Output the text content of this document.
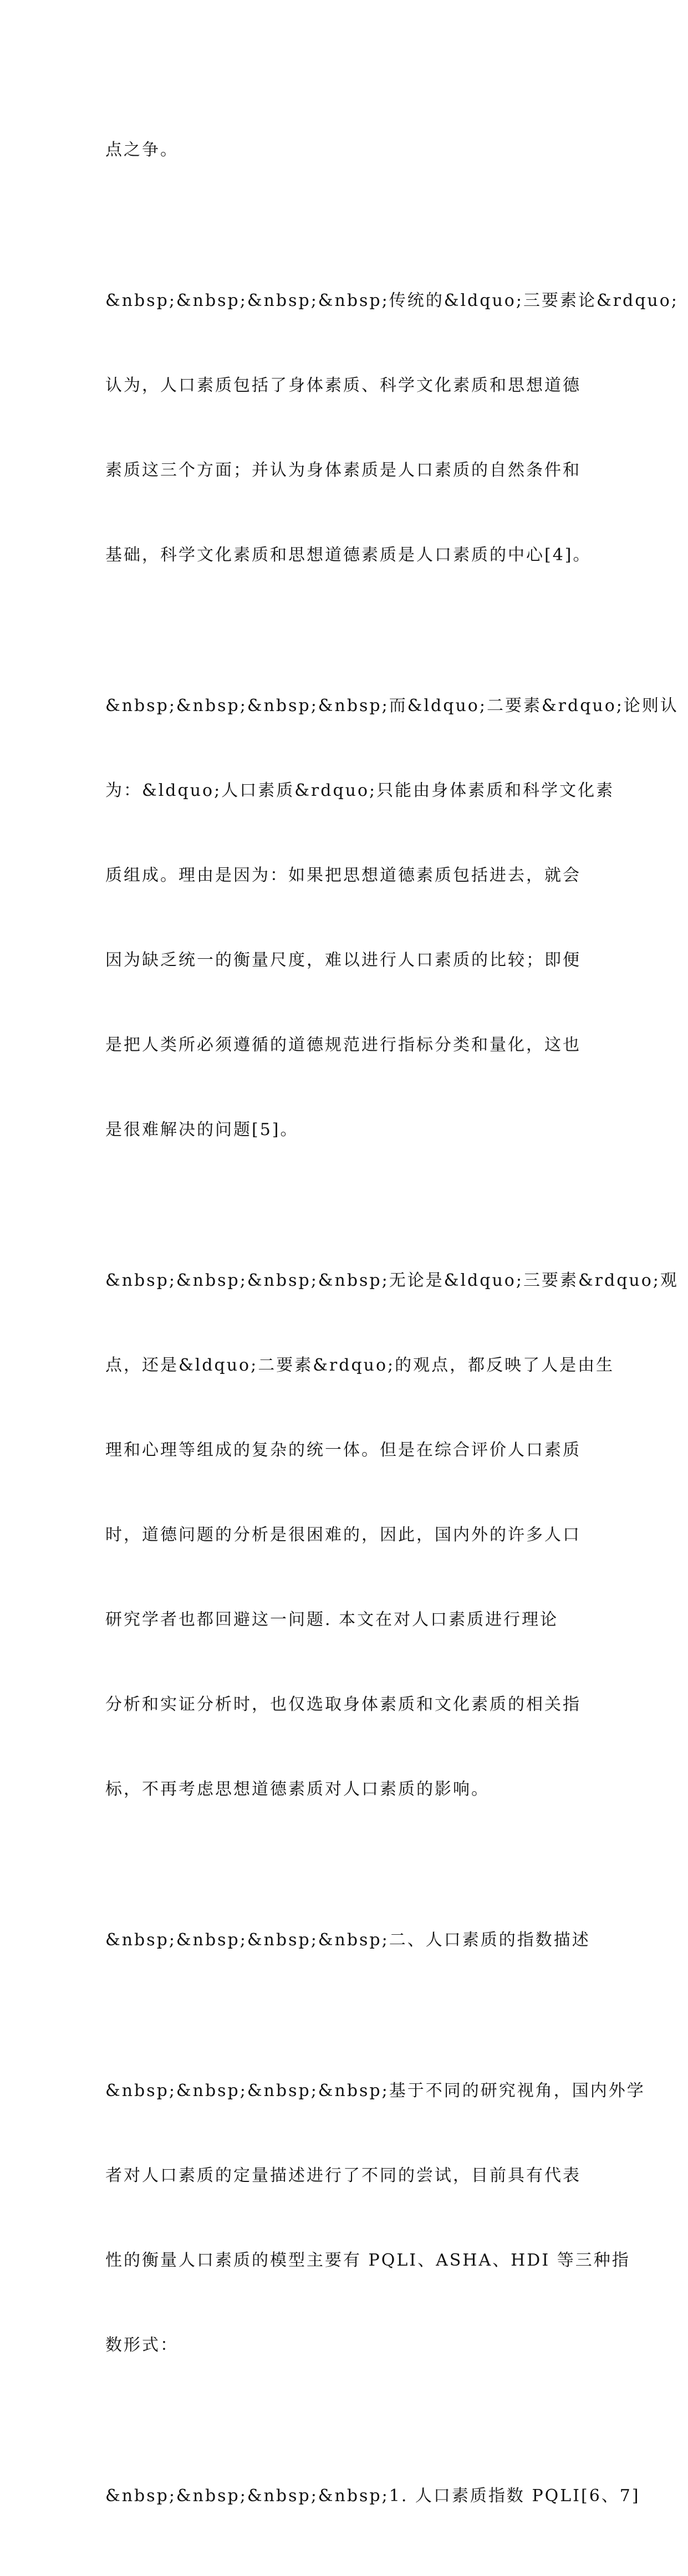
点之争。

&nbsp;&nbsp;&nbsp;&nbsp;传统的&ldquo;三要素论&rdquo;

认为，人口素质包括了身体素质、科学文化素质和思想道德

素质这三个方面；并认为身体素质是人口素质的自然条件和

基础，科学文化素质和思想道德素质是人口素质的中心[4]。

&nbsp;&nbsp;&nbsp;&nbsp;而&ldquo;二要素&rdquo;论则认

为：&ldquo;人口素质&rdquo;只能由身体素质和科学文化素

质组成。理由是因为：如果把思想道德素质包括进去，就会

因为缺乏统一的衡量尺度，难以进行人口素质的比较；即便

是把人类所必须遵循的道德规范进行指标分类和量化，这也

是很难解决的问题[5]。

&nbsp;&nbsp;&nbsp;&nbsp;无论是&ldquo;三要素&rdquo;观

点，还是&ldquo;二要素&rdquo;的观点，都反映了人是由生

理和心理等组成的复杂的统一体。但是在综合评价人口素质

时，道德问题的分析是很困难的，因此，国内外的许多人口

研究学者也都回避这一问题. 本文在对人口素质进行理论

分析和实证分析时，也仅选取身体素质和文化素质的相关指

标，不再考虑思想道德素质对人口素质的影响。

&nbsp;&nbsp;&nbsp;&nbsp;二、人口素质的指数描述

&nbsp;&nbsp;&nbsp;&nbsp;基于不同的研究视角，国内外学

者对人口素质的定量描述进行了不同的尝试，目前具有代表

性的衡量人口素质的模型主要有 PQLI、ASHA、HDI 等三种指

数形式：

&nbsp;&nbsp;&nbsp;&nbsp;1. 人口素质指数 PQLI[6、7]
